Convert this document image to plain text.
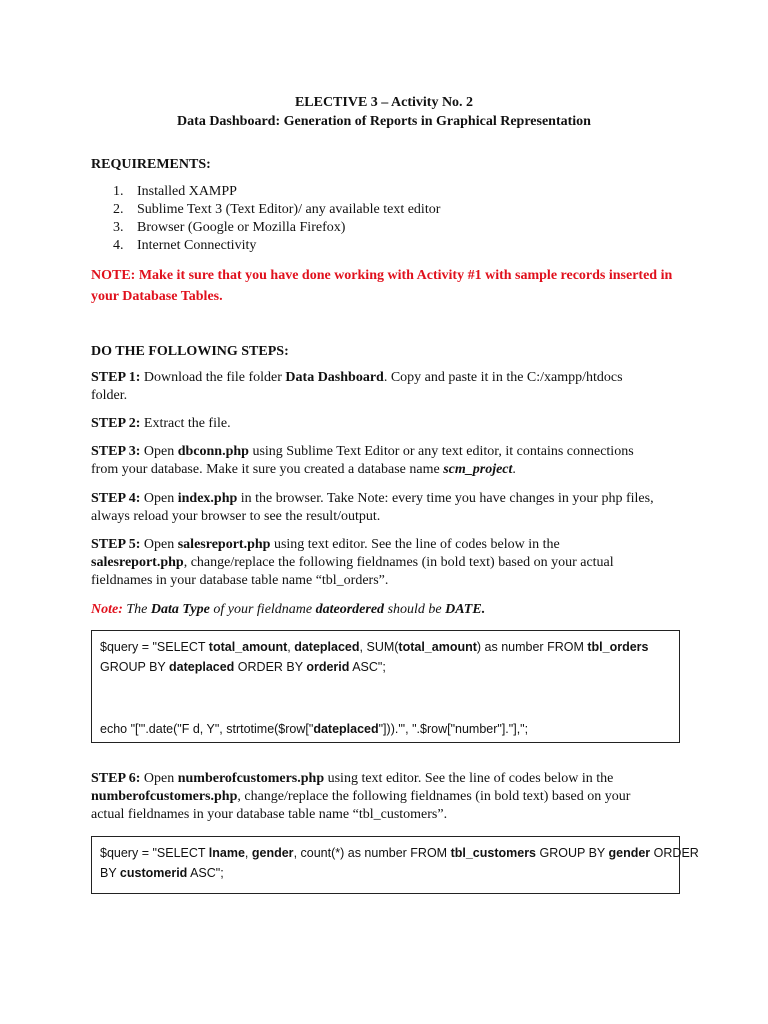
ELECTIVE 3 – Activity No. 2
Data Dashboard: Generation of Reports in Graphical Representation
REQUIREMENTS:
1. Installed XAMPP
2. Sublime Text 3 (Text Editor)/ any available text editor
3. Browser (Google or Mozilla Firefox)
4. Internet Connectivity
NOTE: Make it sure that you have done working with Activity #1 with sample records inserted in
your Database Tables.
DO THE FOLLOWING STEPS:
STEP 1: Download the file folder Data Dashboard. Copy and paste it in the C:/xampp/htdocs
folder.
STEP 2: Extract the file.
STEP 3: Open dbconn.php using Sublime Text Editor or any text editor, it contains connections
from your database. Make it sure you created a database name scm_project.
STEP 4: Open index.php in the browser. Take Note: every time you have changes in your php files,
always reload your browser to see the result/output.
STEP 5: Open salesreport.php using text editor. See the line of codes below in the
salesreport.php, change/replace the following fieldnames (in bold text) based on your actual
fieldnames in your database table name “tbl_orders”.
Note: The Data Type of your fieldname dateordered should be DATE.
$query = "SELECT total_amount, dateplaced, SUM(total_amount) as number FROM tbl_orders
GROUP BY dateplaced ORDER BY orderid ASC";
echo "['".date("F d, Y", strtotime($row["dateplaced"]))."', ".$row["number"]."],";
STEP 6: Open numberofcustomers.php using text editor. See the line of codes below in the
numberofcustomers.php, change/replace the following fieldnames (in bold text) based on your
actual fieldnames in your database table name “tbl_customers”.
$query = "SELECT lname, gender, count(*) as number FROM tbl_customers GROUP BY gender ORDER
BY customerid ASC";
